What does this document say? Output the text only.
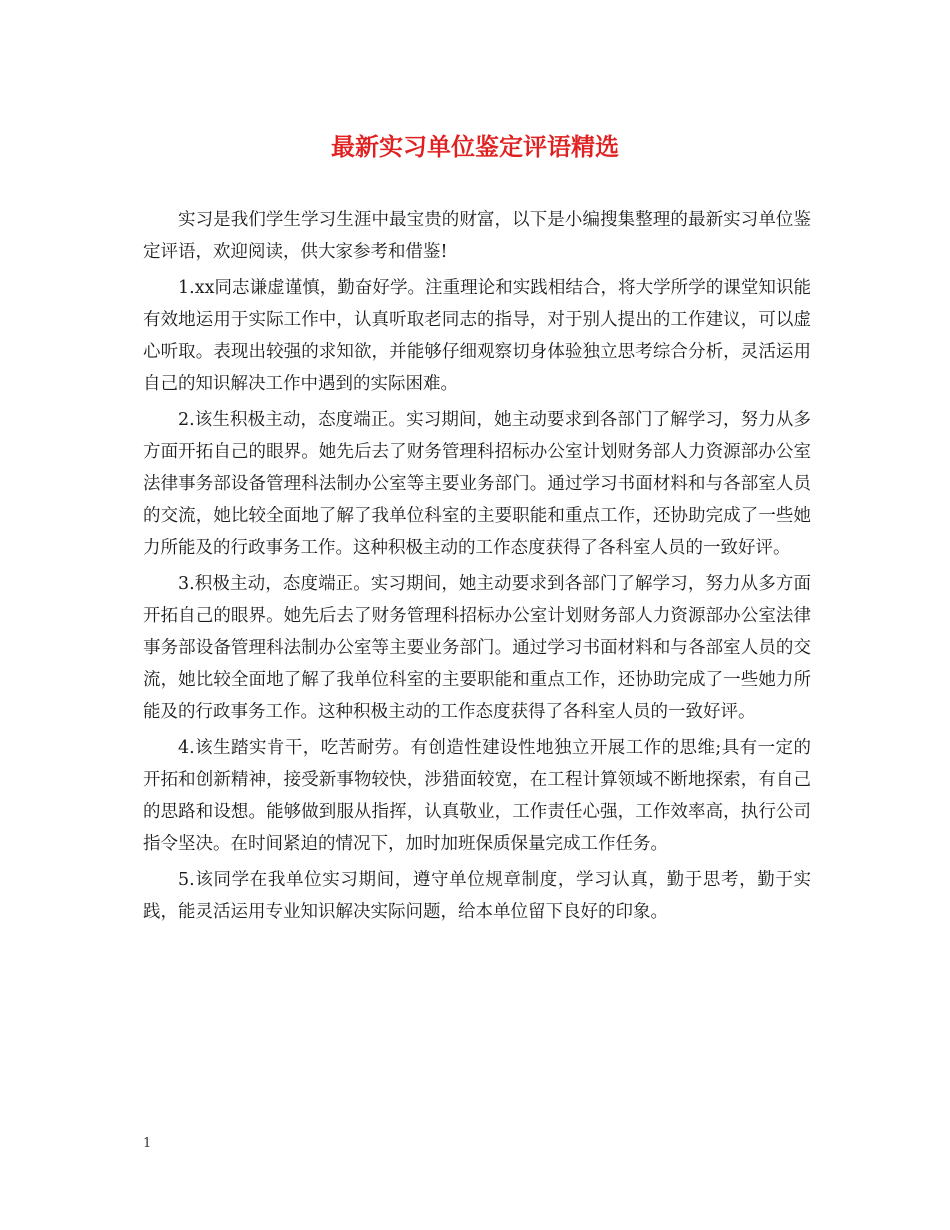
最新实习单位鉴定评语精选

实习是我们学生学习生涯中最宝贵的财富，以下是小编搜集整理的最新实习单位鉴定评语，欢迎阅读，供大家参考和借鉴!

1.xx同志谦虚谨慎，勤奋好学。注重理论和实践相结合，将大学所学的课堂知识能有效地运用于实际工作中，认真听取老同志的指导，对于别人提出的工作建议，可以虚心听取。表现出较强的求知欲，并能够仔细观察切身体验独立思考综合分析，灵活运用自己的知识解决工作中遇到的实际困难。

2.该生积极主动，态度端正。实习期间，她主动要求到各部门了解学习，努力从多方面开拓自己的眼界。她先后去了财务管理科招标办公室计划财务部人力资源部办公室法律事务部设备管理科法制办公室等主要业务部门。通过学习书面材料和与各部室人员的交流，她比较全面地了解了我单位科室的主要职能和重点工作，还协助完成了一些她力所能及的行政事务工作。这种积极主动的工作态度获得了各科室人员的一致好评。

3.积极主动，态度端正。实习期间，她主动要求到各部门了解学习，努力从多方面开拓自己的眼界。她先后去了财务管理科招标办公室计划财务部人力资源部办公室法律事务部设备管理科法制办公室等主要业务部门。通过学习书面材料和与各部室人员的交流，她比较全面地了解了我单位科室的主要职能和重点工作，还协助完成了一些她力所能及的行政事务工作。这种积极主动的工作态度获得了各科室人员的一致好评。

4.该生踏实肯干，吃苦耐劳。有创造性建设性地独立开展工作的思维;具有一定的开拓和创新精神，接受新事物较快，涉猎面较宽，在工程计算领域不断地探索，有自己的思路和设想。能够做到服从指挥，认真敬业，工作责任心强，工作效率高，执行公司指令坚决。在时间紧迫的情况下，加时加班保质保量完成工作任务。

5.该同学在我单位实习期间，遵守单位规章制度，学习认真，勤于思考，勤于实践，能灵活运用专业知识解决实际问题，给本单位留下良好的印象。

1
